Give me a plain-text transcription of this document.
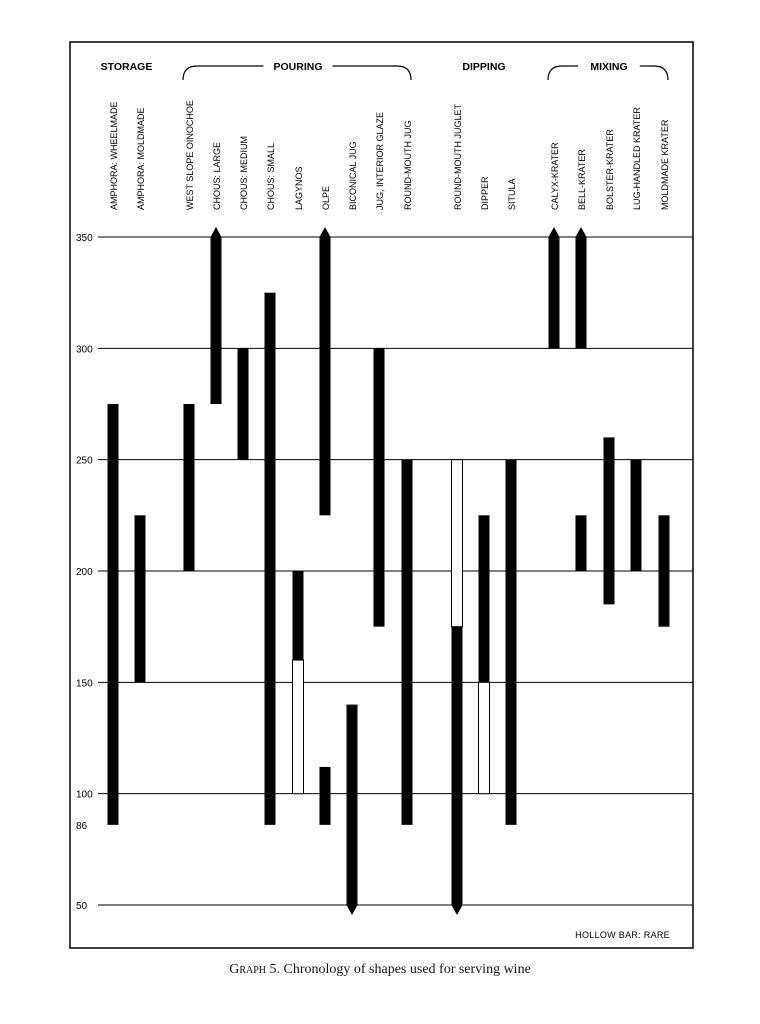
350
300
250
200
150
100
86
50
STORAGE	POURING	DIPPING	MIXING
AMPHORA: WHEELMADE AMPHORA: MOLDMADE	WEST SLOPE OINOCHOE CHOUS: LARGE CHOUS: MEDIUM CHOUS: SMALL LAGYNOS OLPE BICONICAL JUG JUG, INTERIOR GLAZE ROUND-MOUTH JUG	ROUND-MOUTH JUGLET DIPPER SITULA	CALYX-KRATER BELL-KRATER BOLSTER-KRATER LUG-HANDLED KRATER MOLDMADE KRATER
HOLLOW BAR: RARE
Graph 5. Chronology of shapes used for serving wine
